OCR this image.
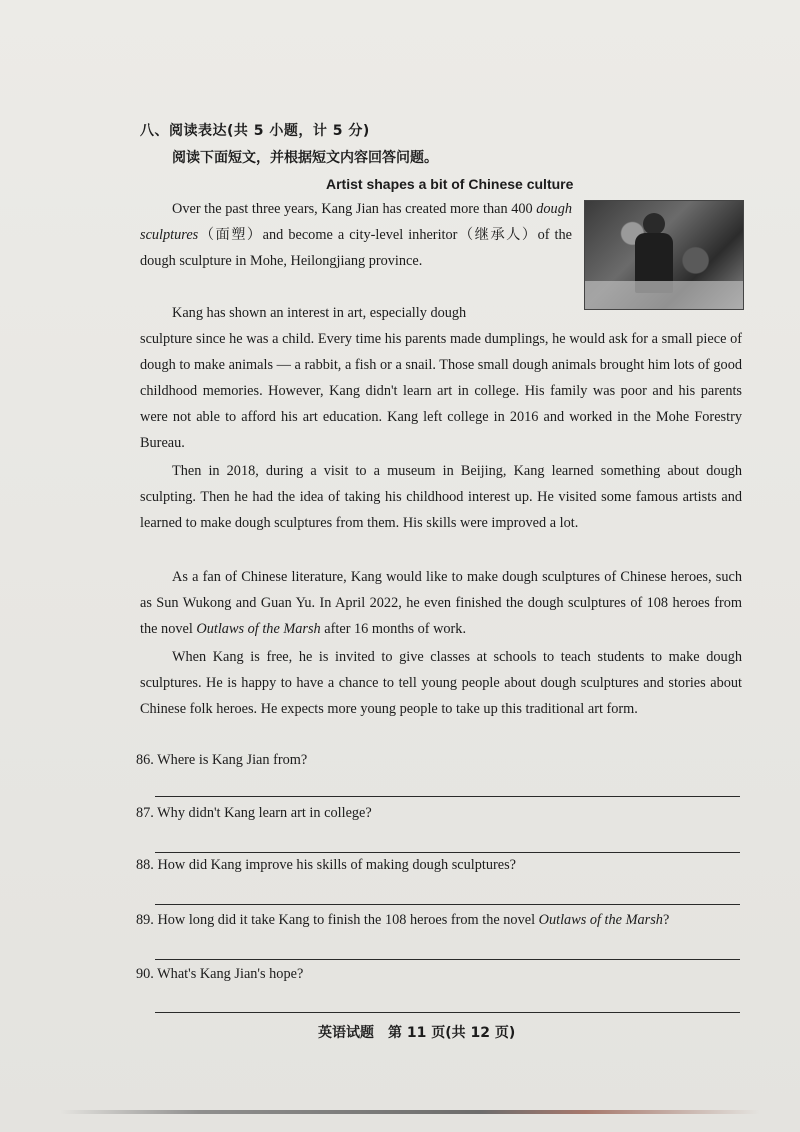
八、阅读表达(共 5 小题，计 5 分)
阅读下面短文，并根据短文内容回答问题。
Artist shapes a bit of Chinese culture

Over the past three years, Kang Jian has created more than 400 dough sculptures（面塑）and become a city-level inheritor（继承人）of the dough sculpture in Mohe, Heilongjiang province.

Kang has shown an interest in art, especially dough

sculpture since he was a child. Every time his parents made dumplings, he would ask for a small piece of dough to make animals — a rabbit, a fish or a snail. Those small dough animals brought him lots of good childhood memories. However, Kang didn't learn art in college. His family was poor and his parents were not able to afford his art education. Kang left college in 2016 and worked in the Mohe Forestry Bureau.

Then in 2018, during a visit to a museum in Beijing, Kang learned something about dough sculpting. Then he had the idea of taking his childhood interest up. He visited some famous artists and learned to make dough sculptures from them. His skills were improved a lot.

As a fan of Chinese literature, Kang would like to make dough sculptures of Chinese heroes, such as Sun Wukong and Guan Yu. In April 2022, he even finished the dough sculptures of 108 heroes from the novel Outlaws of the Marsh after 16 months of work.

When Kang is free, he is invited to give classes at schools to teach students to make dough sculptures. He is happy to have a chance to tell young people about dough sculptures and stories about Chinese folk heroes. He expects more young people to take up this traditional art form.

86. Where is Kang Jian from?
87. Why didn't Kang learn art in college?
88. How did Kang improve his skills of making dough sculptures?
89. How long did it take Kang to finish the 108 heroes from the novel Outlaws of the Marsh?
90. What's Kang Jian's hope?
英语试题　第 11 页(共 12 页)
